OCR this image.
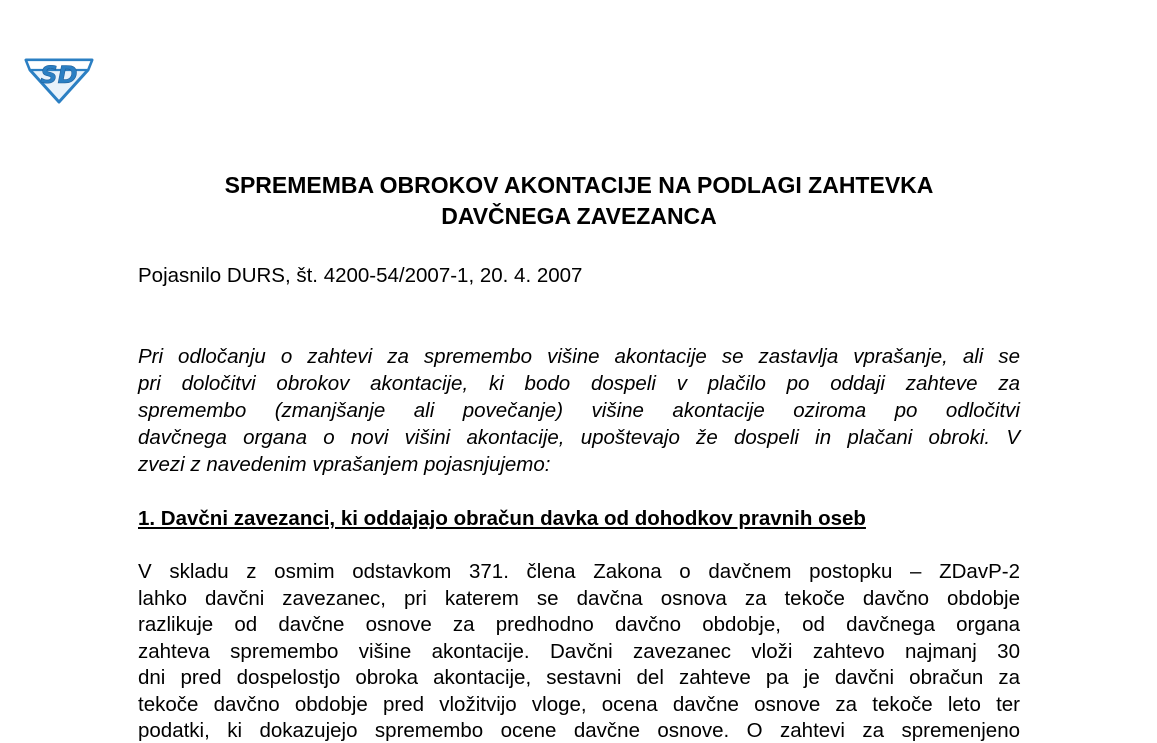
SD
SPREMEMBA OBROKOV AKONTACIJE NA PODLAGI ZAHTEVKA
DAVČNEGA ZAVEZANCA

Pojasnilo DURS, št. 4200-54/2007-1, 20. 4. 2007

Pri odločanju o zahtevi za spremembo višine akontacije se zastavlja vprašanje, ali se
pri določitvi obrokov akontacije, ki bodo dospeli v plačilo po oddaji zahteve za
spremembo (zmanjšanje ali povečanje) višine akontacije oziroma po odločitvi
davčnega organa o novi višini akontacije, upoštevajo že dospeli in plačani obroki. V
zvezi z navedenim vprašanjem pojasnjujemo:
1. Davčni zavezanci, ki oddajajo obračun davka od dohodkov pravnih oseb
V skladu z osmim odstavkom 371. člena Zakona o davčnem postopku – ZDavP-2
lahko davčni zavezanec, pri katerem se davčna osnova za tekoče davčno obdobje
razlikuje od davčne osnove za predhodno davčno obdobje, od davčnega organa
zahteva spremembo višine akontacije. Davčni zavezanec vloži zahtevo najmanj 30
dni pred dospelostjo obroka akontacije, sestavni del zahteve pa je davčni obračun za
tekoče davčno obdobje pred vložitvijo vloge, ocena davčne osnove za tekoče leto ter
podatki, ki dokazujejo spremembo ocene davčne osnove. O zahtevi za spremenjeno
